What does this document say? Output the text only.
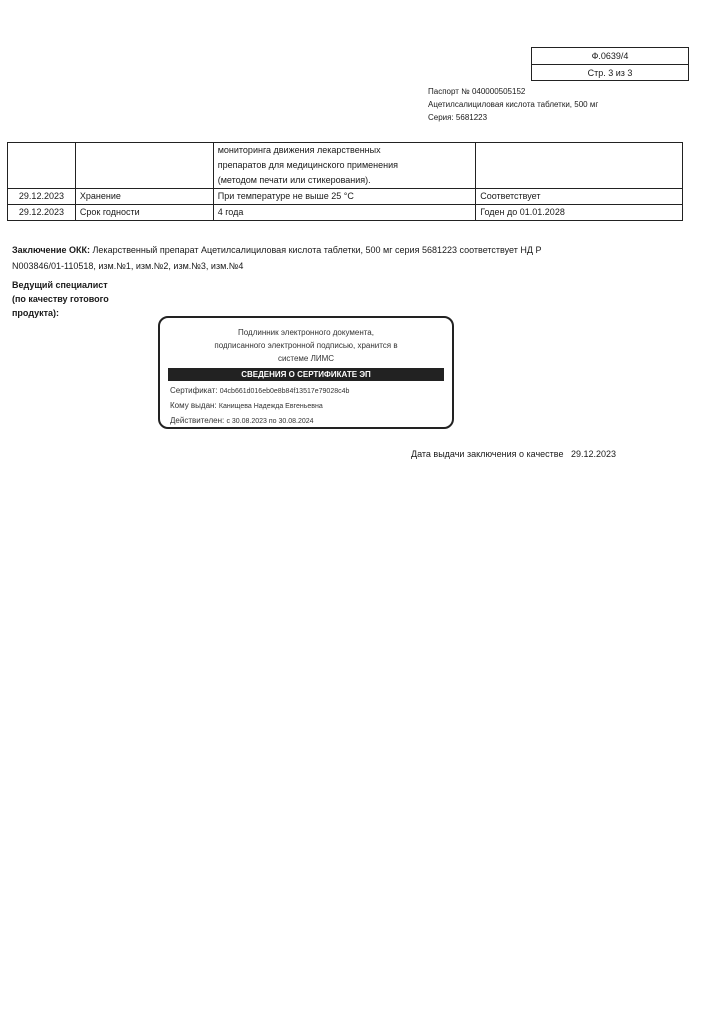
Ф.0639/4
Стр. 3 из 3
Паспорт № 040000505152
Ацетилсалициловая кислота таблетки, 500 мг
Серия: 5681223

		мониторинга движения лекарственных
препаратов для медицинского применения
(методом печати или стикерования).	

29.12.2023	Хранение	При температуре не выше 25 °С	Соответствует
29.12.2023	Срок годности	4 года	Годен до 01.01.2028
Заключение ОКК: Лекарственный препарат Ацетилсалициловая кислота таблетки, 500 мг серия 5681223 соответствует НД Р N003846/01-110518, изм.№1, изм.№2, изм.№3, изм.№4
Ведущий специалист (по качеству готового продукта):
Подлинник электронного документа,
подписанного электронной подписью, хранится в
системе ЛИМС
СВЕДЕНИЯ О СЕРТИФИКАТЕ ЭП
Сертификат: 04cb661d016eb0e8b84f13517e79028c4b
Кому выдан: Канищева Надежда Евгеньевна
Действителен: с 30.08.2023 по 30.08.2024
Дата выдачи заключения о качестве 29.12.2023
